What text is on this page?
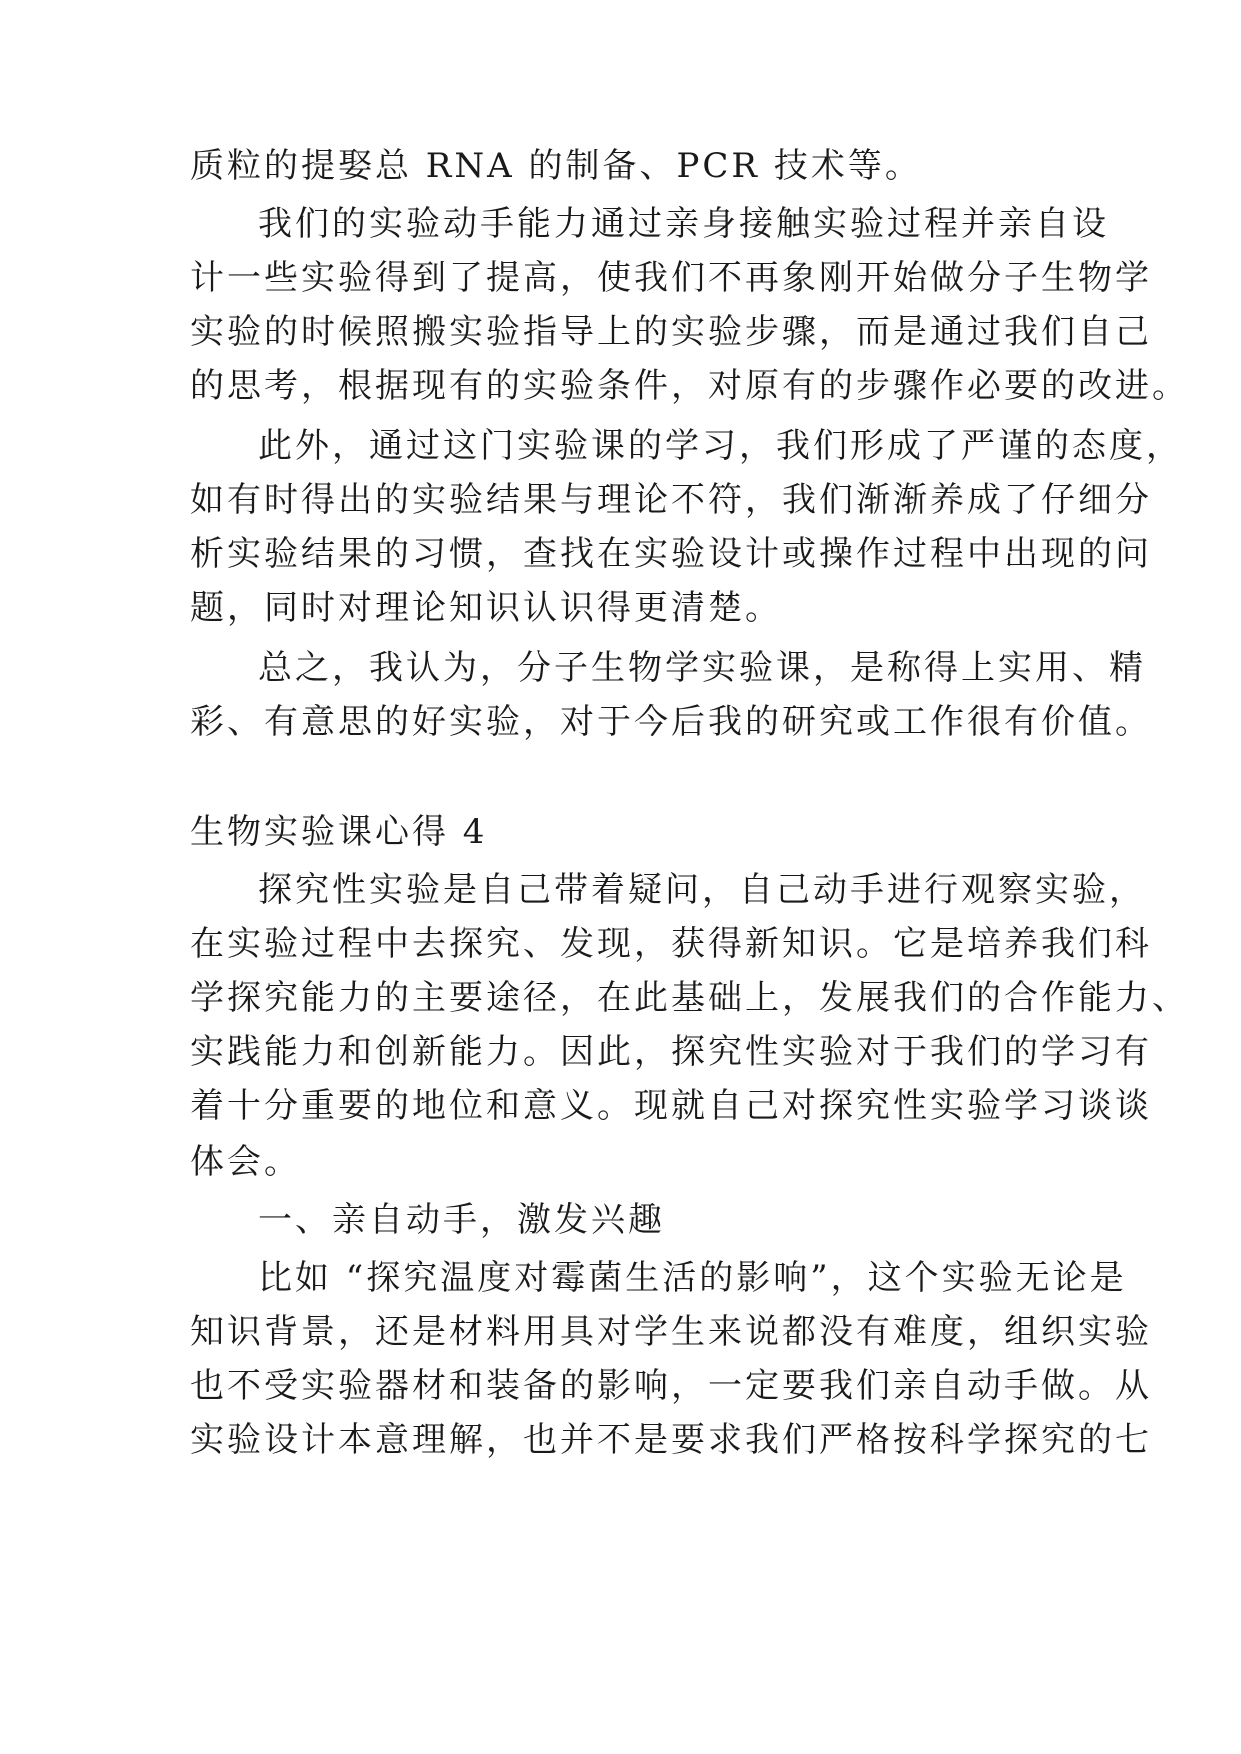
质粒的提娶总 RNA 的制备、PCR 技术等。
我们的实验动手能力通过亲身接触实验过程并亲自设
计一些实验得到了提高，使我们不再象刚开始做分子生物学
实验的时候照搬实验指导上的实验步骤，而是通过我们自己
的思考，根据现有的实验条件，对原有的步骤作必要的改进。
此外，通过这门实验课的学习，我们形成了严谨的态度，
如有时得出的实验结果与理论不符，我们渐渐养成了仔细分
析实验结果的习惯，查找在实验设计或操作过程中出现的问
题，同时对理论知识认识得更清楚。
总之，我认为，分子生物学实验课，是称得上实用、精
彩、有意思的好实验，对于今后我的研究或工作很有价值。
生物实验课心得 4
探究性实验是自己带着疑问，自己动手进行观察实验，
在实验过程中去探究、发现，获得新知识。它是培养我们科
学探究能力的主要途径，在此基础上，发展我们的合作能力、
实践能力和创新能力。因此，探究性实验对于我们的学习有
着十分重要的地位和意义。现就自己对探究性实验学习谈谈
体会。
一、亲自动手，激发兴趣
比如 “探究温度对霉菌生活的影响”，这个实验无论是
知识背景，还是材料用具对学生来说都没有难度，组织实验
也不受实验器材和装备的影响，一定要我们亲自动手做。从
实验设计本意理解，也并不是要求我们严格按科学探究的七
